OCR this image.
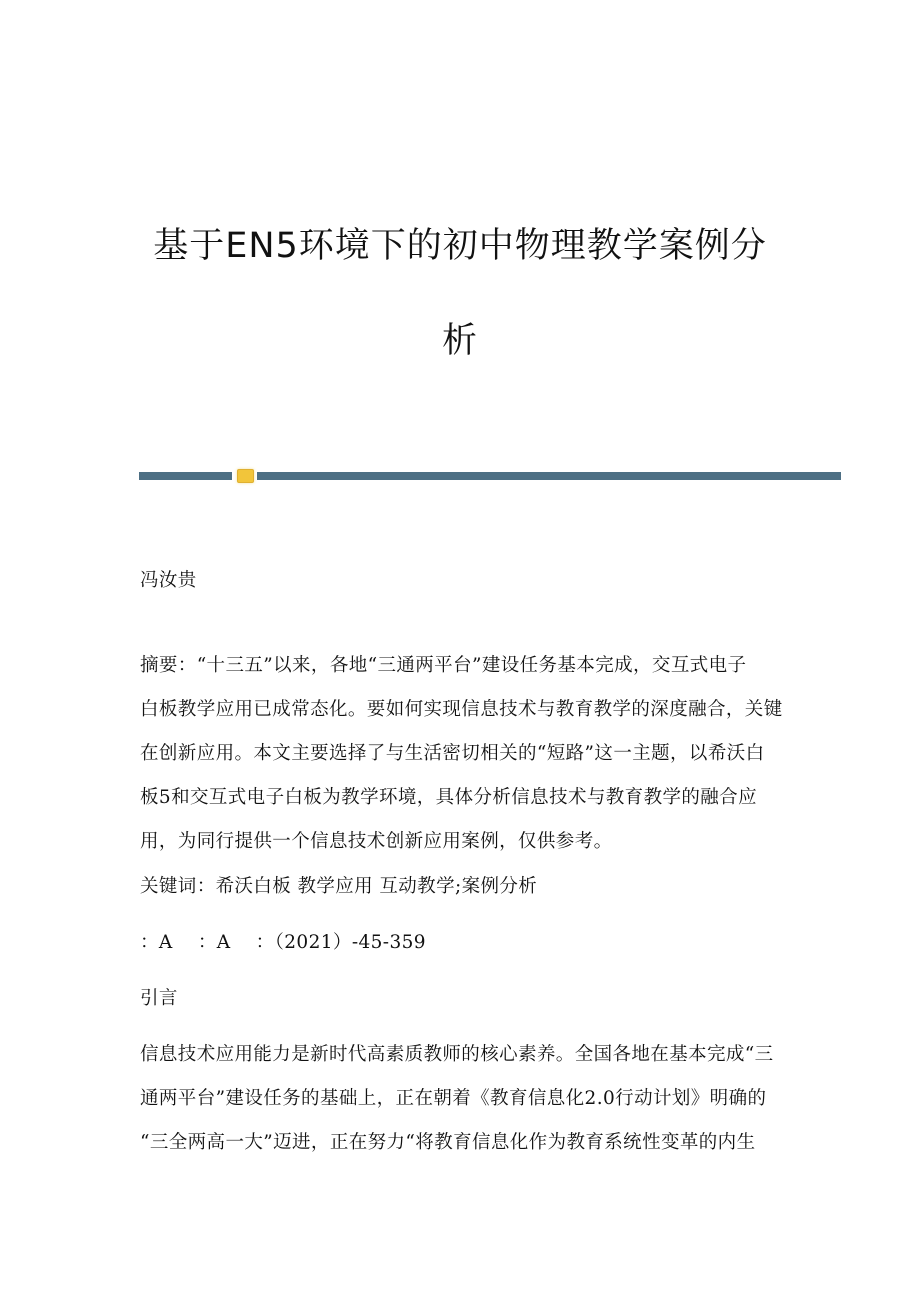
基于EN5环境下的初中物理教学案例分
析
冯汝贵
摘要：“十三五”以来，各地“三通两平台”建设任务基本完成，交互式电子
白板教学应用已成常态化。要如何实现信息技术与教育教学的深度融合，关键
在创新应用。本文主要选择了与生活密切相关的“短路”这一主题，以希沃白
板5和交互式电子白板为教学环境，具体分析信息技术与教育教学的融合应
用，为同行提供一个信息技术创新应用案例，仅供参考。
关键词：希沃白板 教学应用 互动教学;案例分析
：A　 ：A　 ：（2021）-45-359
引言
信息技术应用能力是新时代高素质教师的核心素养。全国各地在基本完成“三
通两平台”建设任务的基础上，正在朝着《教育信息化2.0行动计划》明确的
“三全两高一大”迈进，正在努力“将教育信息化作为教育系统性变革的内生
